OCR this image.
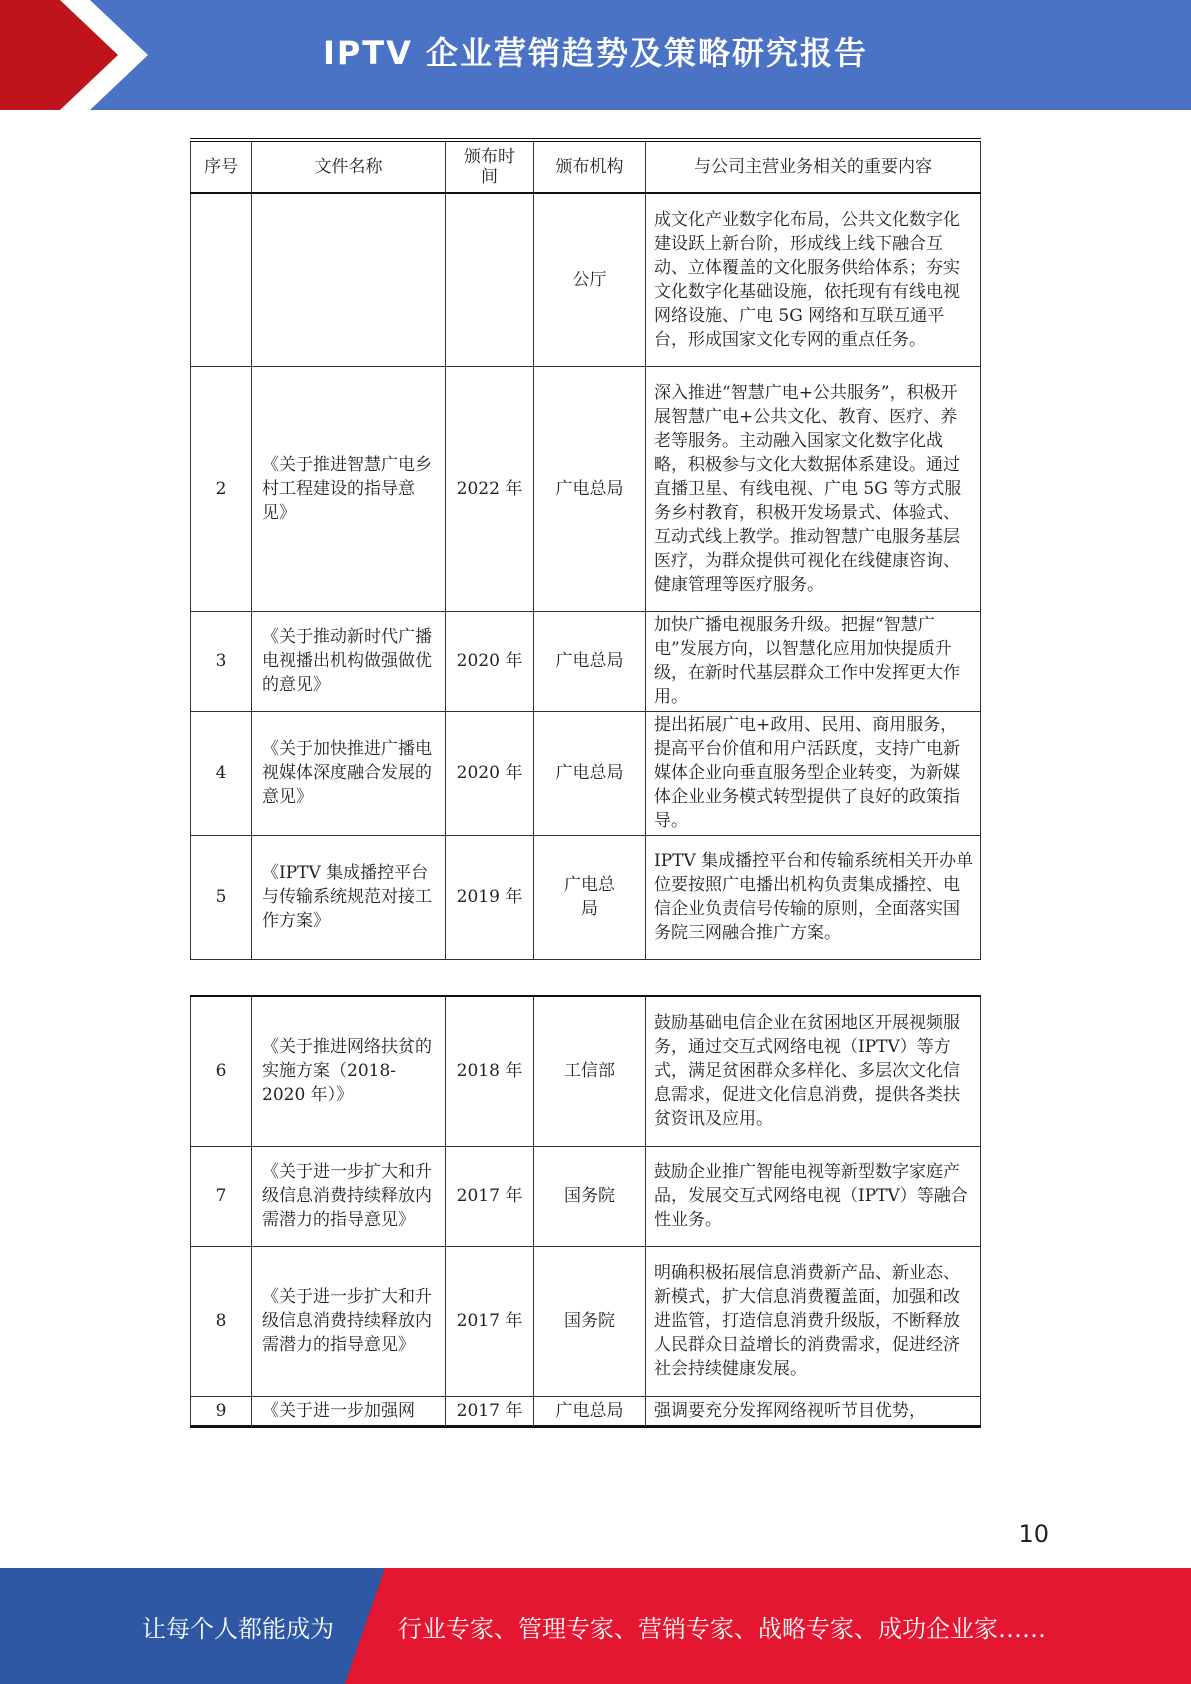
IPTV 企业营销趋势及策略研究报告
序号	文件名称	颁布时间	颁布机构	与公司主营业务相关的重要内容
			公厅	成文化产业数字化布局，公共文化数字化建设跃上新台阶，形成线上线下融合互动、立体覆盖的文化服务供给体系；夯实文化数字化基础设施，依托现有有线电视网络设施、广电 5G 网络和互联互通平台，形成国家文化专网的重点任务。
2	《关于推进智慧广电乡村工程建设的指导意见》	2022 年	广电总局	深入推进“智慧广电+公共服务”，积极开展智慧广电+公共文化、教育、医疗、养老等服务。主动融入国家文化数字化战略，积极参与文化大数据体系建设。通过直播卫星、有线电视、广电 5G 等方式服务乡村教育，积极开发场景式、体验式、互动式线上教学。推动智慧广电服务基层医疗，为群众提供可视化在线健康咨询、健康管理等医疗服务。
3	《关于推动新时代广播电视播出机构做强做优的意见》	2020 年	广电总局	加快广播电视服务升级。把握“智慧广电”发展方向，以智慧化应用加快提质升级，在新时代基层群众工作中发挥更大作用。
4	《关于加快推进广播电视媒体深度融合发展的意见》	2020 年	广电总局	提出拓展广电+政用、民用、商用服务，提高平台价值和用户活跃度，支持广电新媒体企业向垂直服务型企业转变，为新媒体企业业务模式转型提供了良好的政策指导。
5	《IPTV 集成播控平台与传输系统规范对接工作方案》	2019 年	广电总局	IPTV 集成播控平台和传输系统相关开办单位要按照广电播出机构负责集成播控、电信企业负责信号传输的原则，全面落实国务院三网融合推广方案。
6	《关于推进网络扶贫的实施方案（2018-2020 年）》	2018 年	工信部	鼓励基础电信企业在贫困地区开展视频服务，通过交互式网络电视（IPTV）等方式，满足贫困群众多样化、多层次文化信息需求，促进文化信息消费，提供各类扶贫资讯及应用。
7	《关于进一步扩大和升级信息消费持续释放内需潜力的指导意见》	2017 年	国务院	鼓励企业推广智能电视等新型数字家庭产品，发展交互式网络电视（IPTV）等融合性业务。
8	《关于进一步扩大和升级信息消费持续释放内需潜力的指导意见》	2017 年	国务院	明确积极拓展信息消费新产品、新业态、新模式，扩大信息消费覆盖面，加强和改进监管，打造信息消费升级版，不断释放人民群众日益增长的消费需求，促进经济社会持续健康发展。
9	《关于进一步加强网	2017 年	广电总局	强调要充分发挥网络视听节目优势，
10
让每个人都能成为	行业专家、管理专家、营销专家、战略专家、成功企业家……
